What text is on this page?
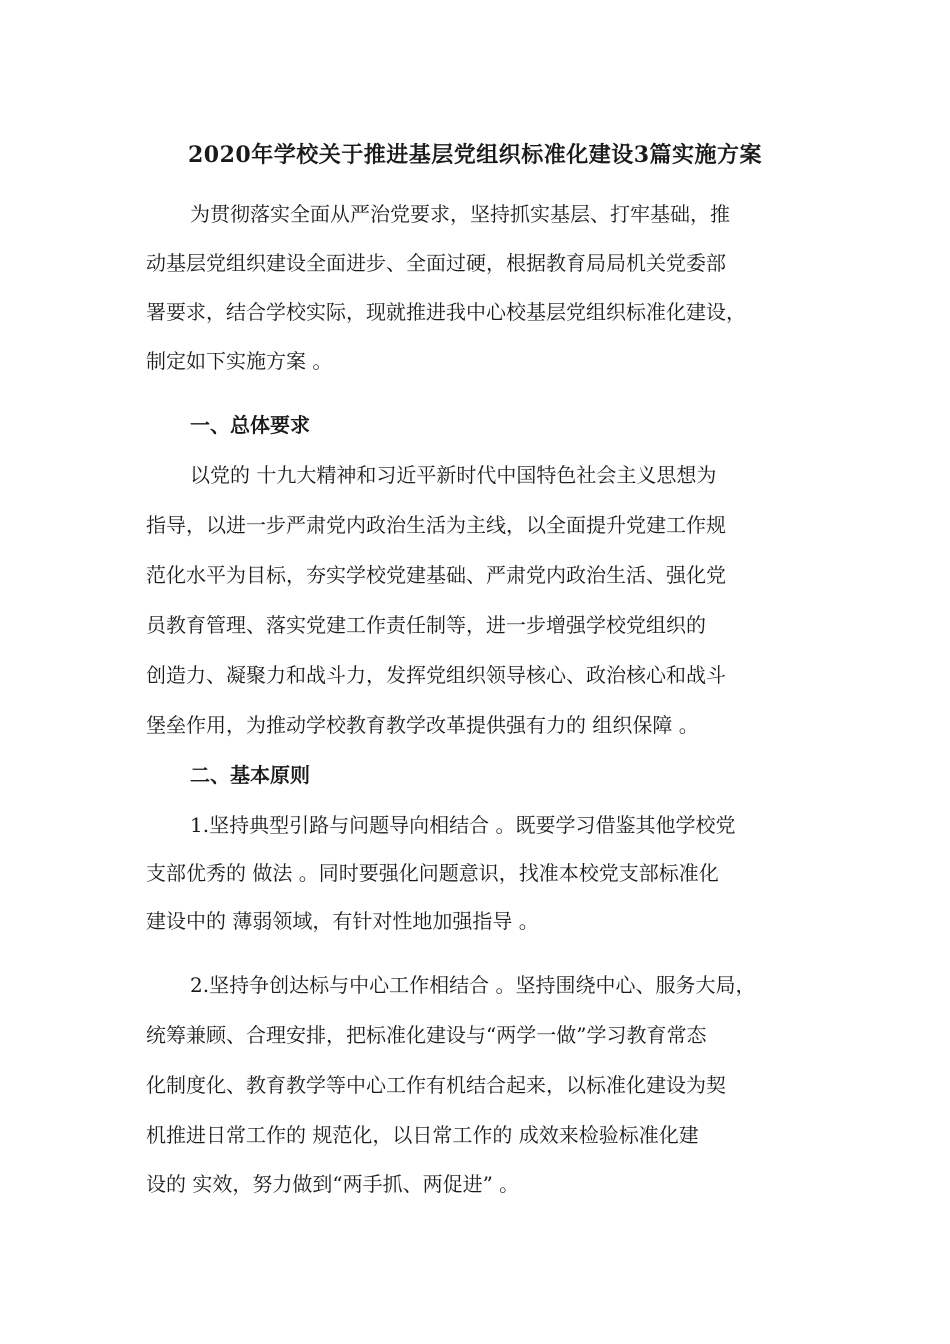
2020年学校关于推进基层党组织标准化建设3篇实施方案
为贯彻落实全面从严治党要求，坚持抓实基层、打牢基础，推
动基层党组织建设全面进步、全面过硬，根据教育局局机关党委部
署要求，结合学校实际，现就推进我中心校基层党组织标准化建设，
制定如下实施方案 。
一、总体要求
以党的 十九大精神和习近平新时代中国特色社会主义思想为
指导，以进一步严肃党内政治生活为主线，以全面提升党建工作规
范化水平为目标，夯实学校党建基础、严肃党内政治生活、强化党
员教育管理、落实党建工作责任制等，进一步增强学校党组织的
创造力、凝聚力和战斗力，发挥党组织领导核心、政治核心和战斗
堡垒作用，为推动学校教育教学改革提供强有力的 组织保障 。
二、基本原则
1.坚持典型引路与问题导向相结合 。既要学习借鉴其他学校党
支部优秀的 做法 。同时要强化问题意识，找准本校党支部标准化
建设中的 薄弱领域，有针对性地加强指导 。
2.坚持争创达标与中心工作相结合 。坚持围绕中心、服务大局，
统筹兼顾、合理安排，把标准化建设与“两学一做”学习教育常态
化制度化、教育教学等中心工作有机结合起来，以标准化建设为契
机推进日常工作的 规范化，以日常工作的 成效来检验标准化建
设的 实效，努力做到“两手抓、两促进” 。
